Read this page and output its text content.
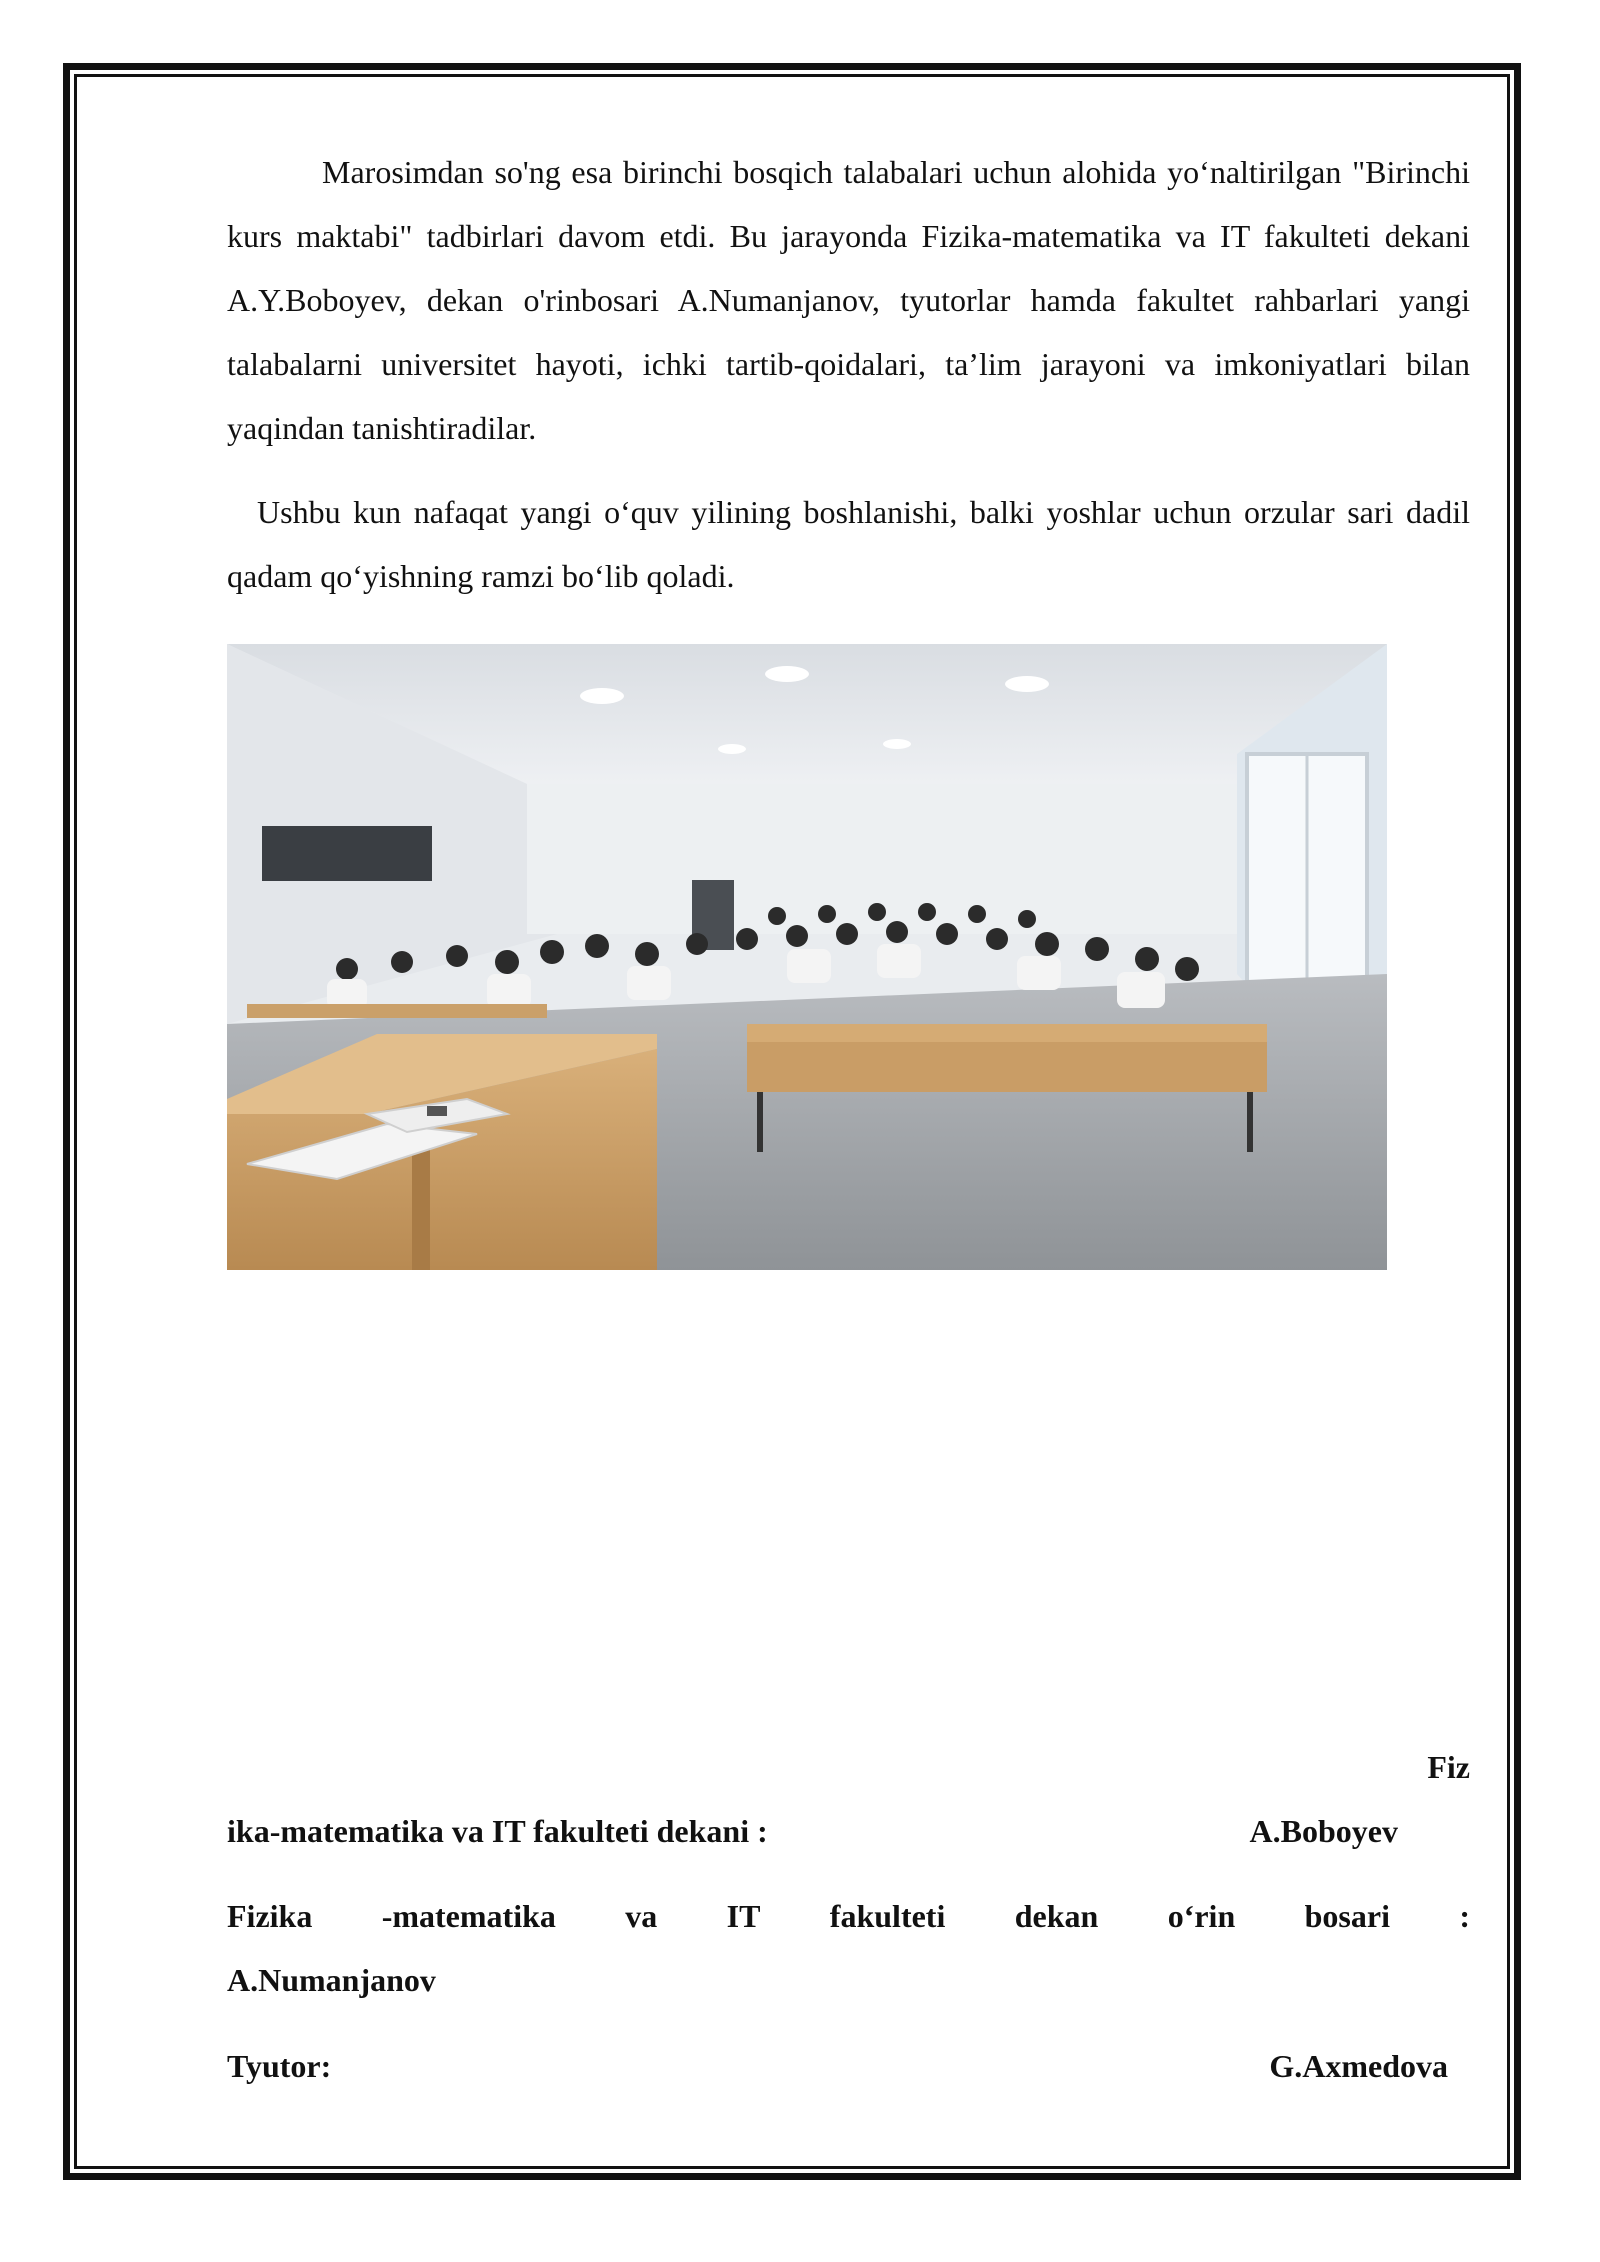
Marosimdan so'ng esa birinchi bosqich talabalari uchun alohida yo‘naltirilgan "Birinchi kurs maktabi" tadbirlari davom etdi. Bu jarayonda Fizika-matematika va IT fakulteti dekani A.Y.Boboyev, dekan o'rinbosari A.Numanjanov, tyutorlar hamda fakultet rahbarlari yangi talabalarni universitet hayoti, ichki tartib-qoidalari, ta’lim jarayoni va imkoniyatlari bilan yaqindan tanishtiradilar.

Ushbu kun nafaqat yangi o‘quv yilining boshlanishi, balki yoshlar uchun orzular sari dadil qadam qo‘yishning ramzi bo‘lib qoladi.

Fiz
ika-matematika va IT fakulteti dekani :	A.Boboyev
Fizika -matematika va IT fakulteti dekan o‘rin bosari :
A.Numanjanov
Tyutor:	G.Axmedova
